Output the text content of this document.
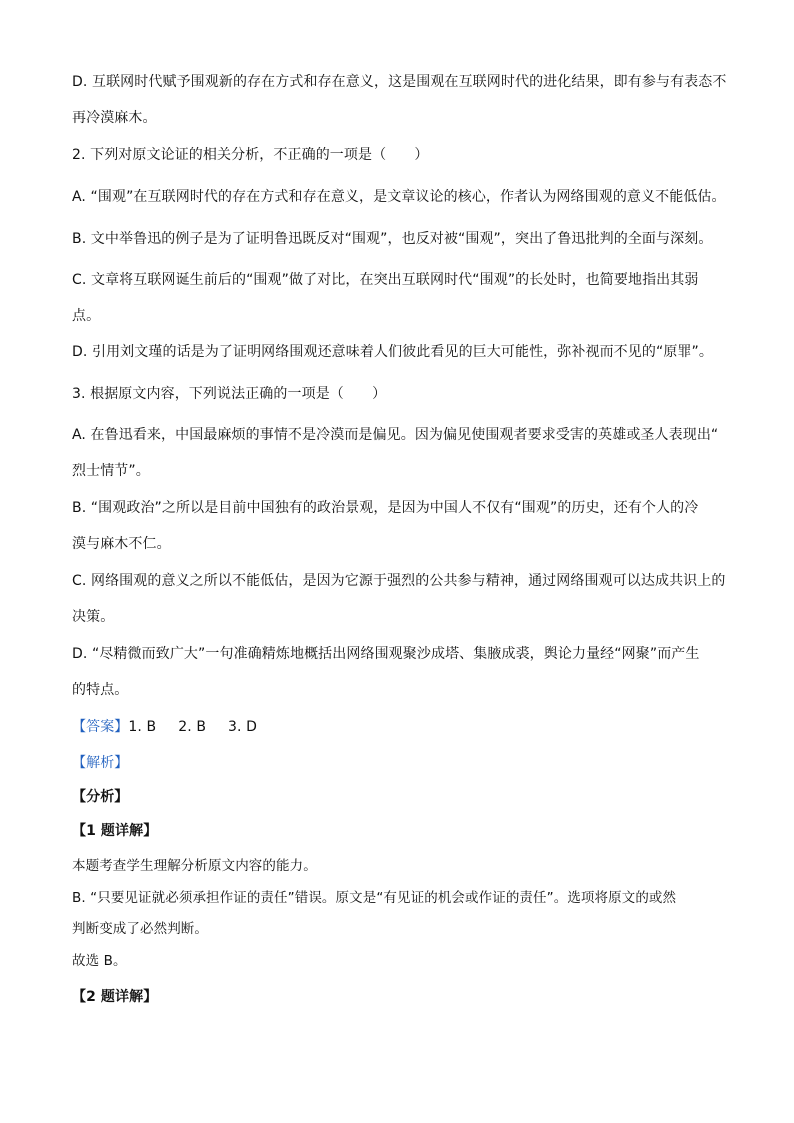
D. 互联网时代赋予围观新的存在方式和存在意义，这是围观在互联网时代的进化结果，即有参与有表态不
再冷漠麻木。
2. 下列对原文论证的相关分析，不正确的一项是（　　）
A. “围观”在互联网时代的存在方式和存在意义，是文章议论的核心，作者认为网络围观的意义不能低估。
B. 文中举鲁迅的例子是为了证明鲁迅既反对“围观”，也反对被“围观”，突出了鲁迅批判的全面与深刻。
C. 文章将互联网诞生前后的“围观”做了对比，在突出互联网时代“围观”的长处时，也简要地指出其弱
点。
D. 引用刘文瑾的话是为了证明网络围观还意味着人们彼此看见的巨大可能性，弥补视而不见的“原罪”。
3. 根据原文内容，下列说法正确的一项是（　　）
A. 在鲁迅看来，中国最麻烦的事情不是冷漠而是偏见。因为偏见使围观者要求受害的英雄或圣人表现出“
烈士情节”。
B. “围观政治”之所以是目前中国独有的政治景观，是因为中国人不仅有“围观”的历史，还有个人的冷
漠与麻木不仁。
C. 网络围观的意义之所以不能低估，是因为它源于强烈的公共参与精神，通过网络围观可以达成共识上的
决策。
D. “尽精微而致广大”一句准确精炼地概括出网络围观聚沙成塔、集腋成裘，舆论力量经“网聚”而产生
的特点。
【答案】1. B 2. B 3. D
【解析】
【分析】
【1 题详解】
本题考查学生理解分析原文内容的能力。
B. “只要见证就必须承担作证的责任”错误。原文是“有见证的机会或作证的责任”。选项将原文的或然
判断变成了必然判断。
故选 B。
【2 题详解】
